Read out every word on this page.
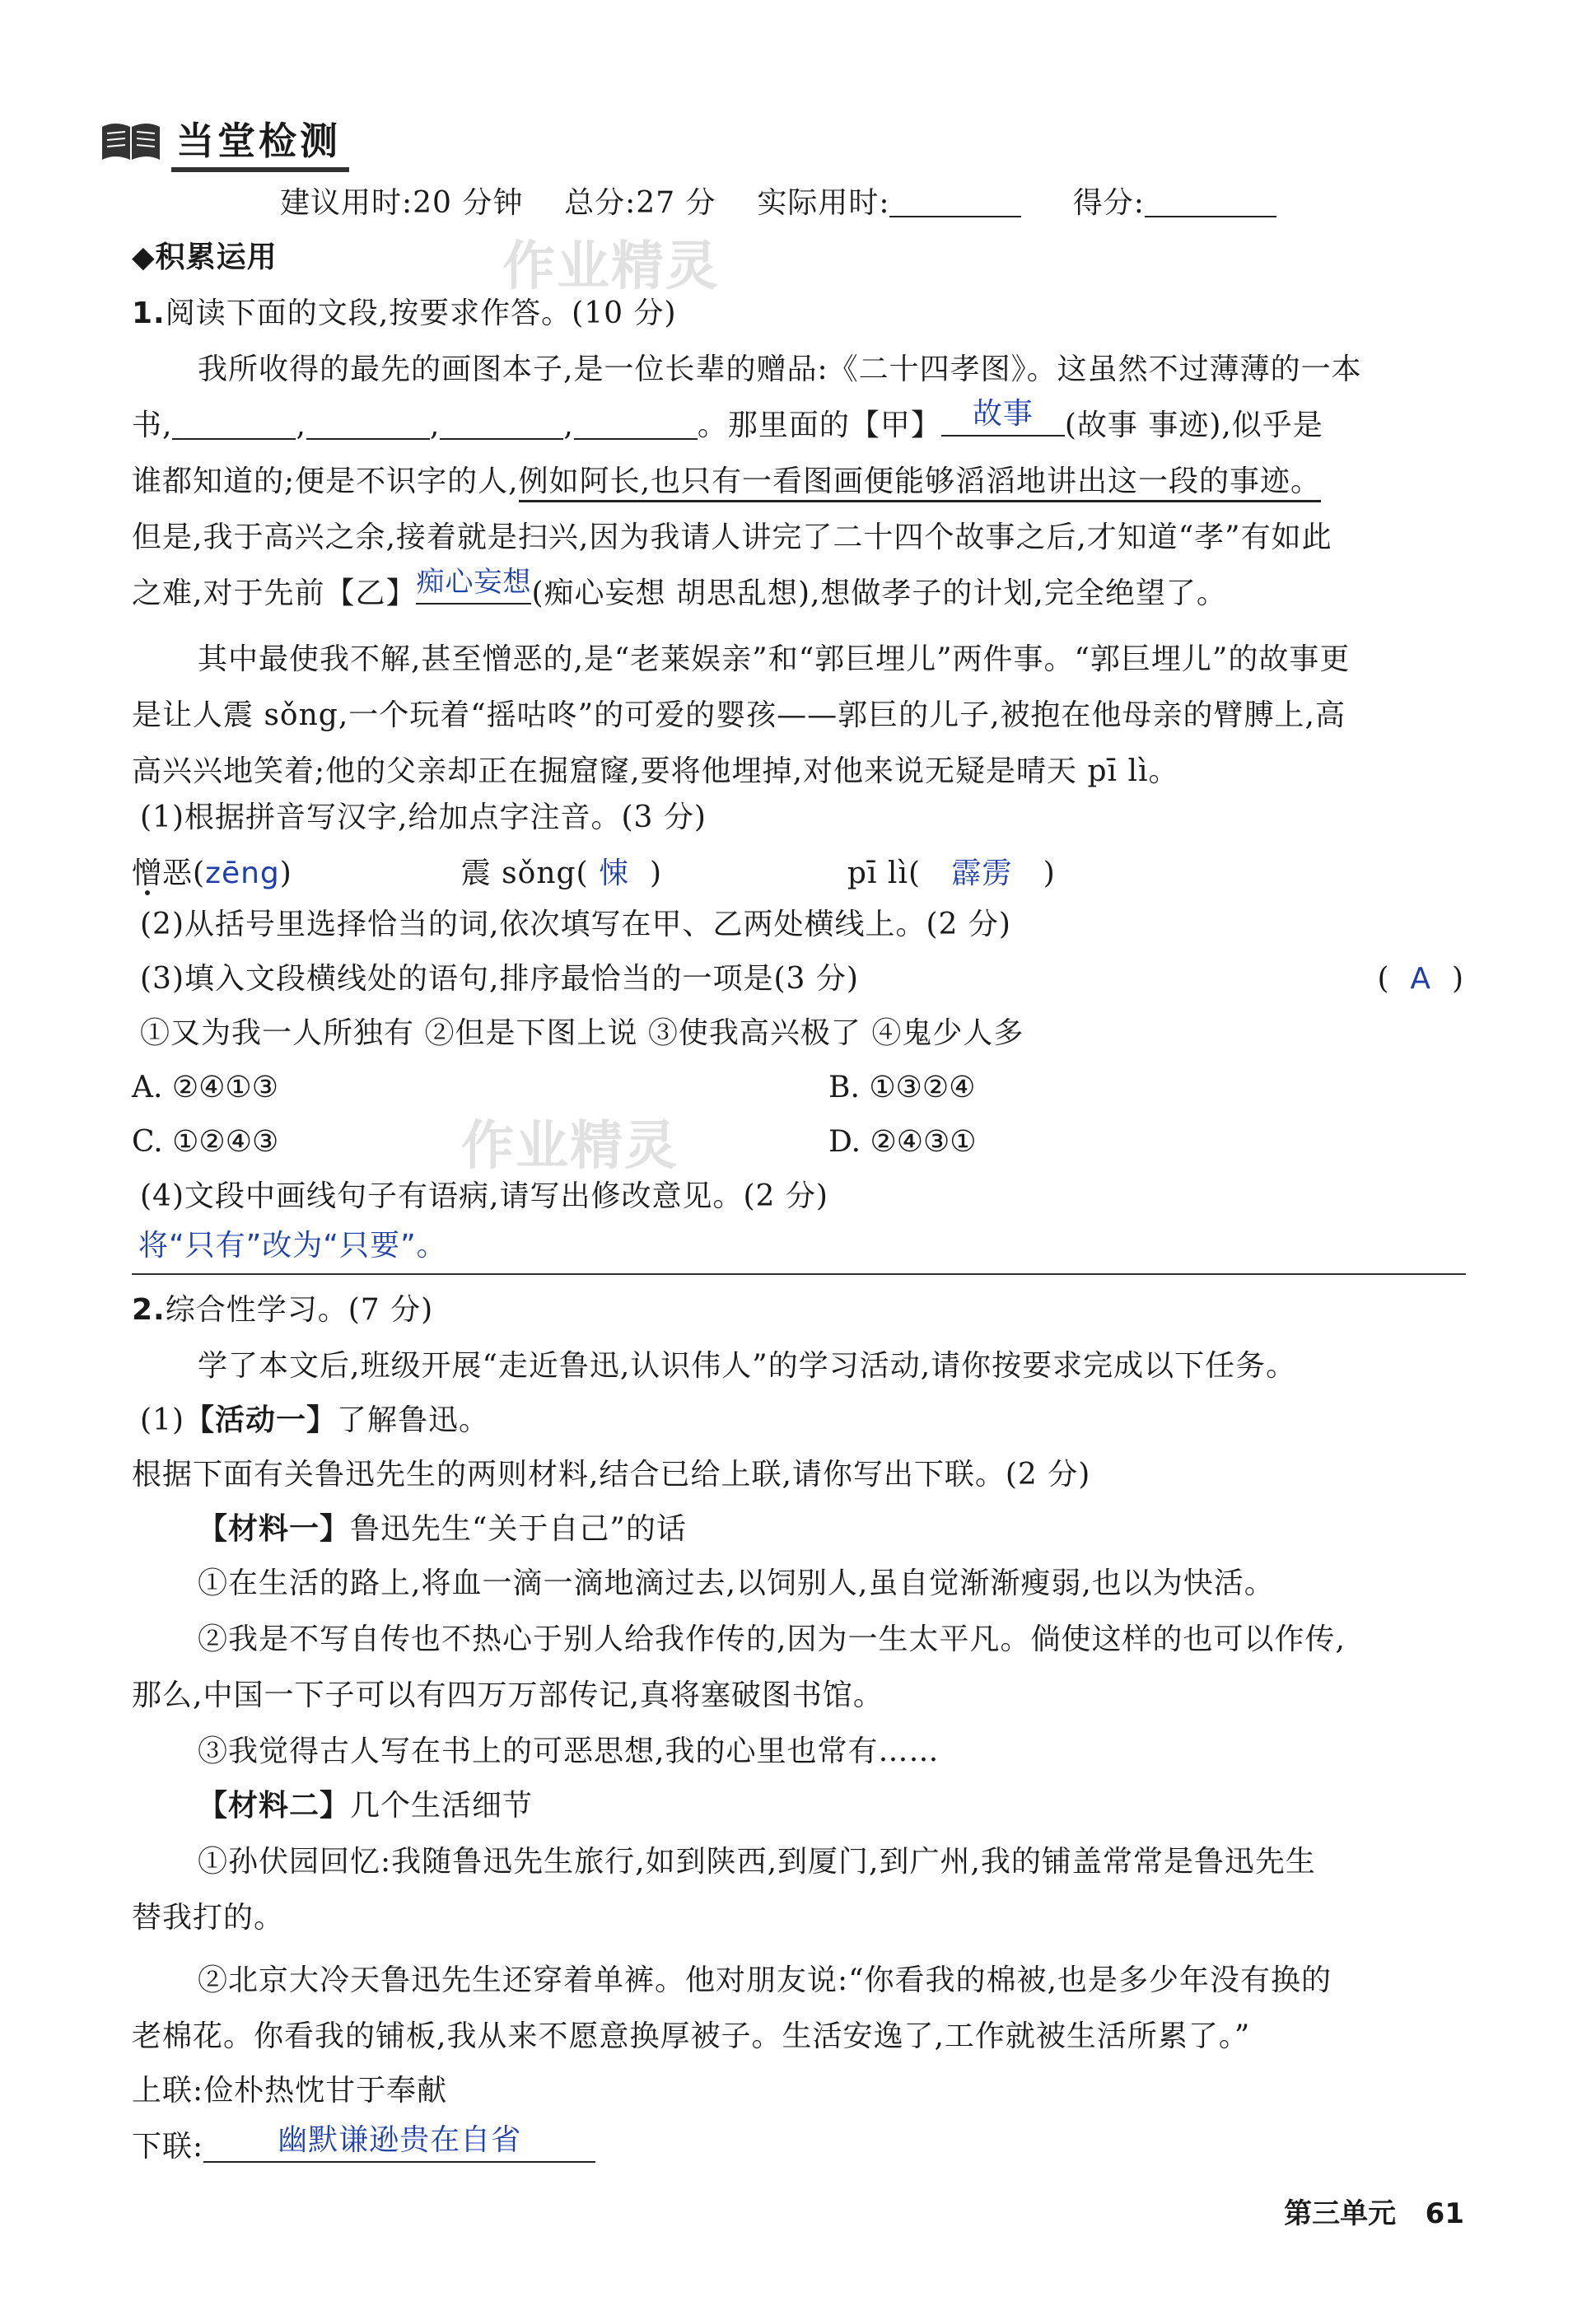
当堂检测
建议用时:20 分钟 总分:27 分 实际用时:	得分:
作业精灵
作业精灵
◆积累运用
1.阅读下面的文段,按要求作答。(10 分)
我所收得的最先的画图本子,是一位长辈的赠品:《二十四孝图》。这虽然不过薄薄的一本
书,	,	,	,	。那里面的【甲】 故事 (故事 事迹),似乎是
谁都知道的;便是不识字的人,例如阿长,也只有一看图画便能够滔滔地讲出这一段的事迹。
但是,我于高兴之余,接着就是扫兴,因为我请人讲完了二十四个故事之后,才知道“孝”有如此
之难,对于先前【乙】痴心妄想(痴心妄想 胡思乱想),想做孝子的计划,完全绝望了。
其中最使我不解,甚至憎恶的,是“老莱娱亲”和“郭巨埋儿”两件事。“郭巨埋儿”的故事更
是让人震 sǒng,一个玩着“摇咕咚”的可爱的婴孩——郭巨的儿子,被抱在他母亲的臂膊上,高
高兴兴地笑着;他的父亲却正在掘窟窿,要将他埋掉,对他来说无疑是晴天 pī lì。
(1)根据拼音写汉字,给加点字注音。(3 分)
憎恶(zēng)	震 sǒng( 悚 )	pī lì( 霹雳 )
(2)从括号里选择恰当的词,依次填写在甲、乙两处横线上。(2 分)
(3)填入文段横线处的语句,排序最恰当的一项是(3 分)	( A )
①又为我一人所独有 ②但是下图上说 ③使我高兴极了 ④鬼少人多
A. ②④①③	B. ①③②④
C. ①②④③	D. ②④③①
(4)文段中画线句子有语病,请写出修改意见。(2 分)
将“只有”改为“只要”。
2.综合性学习。(7 分)
学了本文后,班级开展“走近鲁迅,认识伟人”的学习活动,请你按要求完成以下任务。
(1)【活动一】了解鲁迅。
根据下面有关鲁迅先生的两则材料,结合已给上联,请你写出下联。(2 分)
【材料一】鲁迅先生“关于自己”的话
①在生活的路上,将血一滴一滴地滴过去,以饲别人,虽自觉渐渐瘦弱,也以为快活。
②我是不写自传也不热心于别人给我作传的,因为一生太平凡。倘使这样的也可以作传,
那么,中国一下子可以有四万万部传记,真将塞破图书馆。
③我觉得古人写在书上的可恶思想,我的心里也常有……
【材料二】几个生活细节
①孙伏园回忆:我随鲁迅先生旅行,如到陕西,到厦门,到广州,我的铺盖常常是鲁迅先生
替我打的。
②北京大冷天鲁迅先生还穿着单裤。他对朋友说:“你看我的棉被,也是多少年没有换的
老棉花。你看我的铺板,我从来不愿意换厚被子。生活安逸了,工作就被生活所累了。”
上联:俭朴热忱甘于奉献
下联: 幽默谦逊贵在自省
第三单元 61
